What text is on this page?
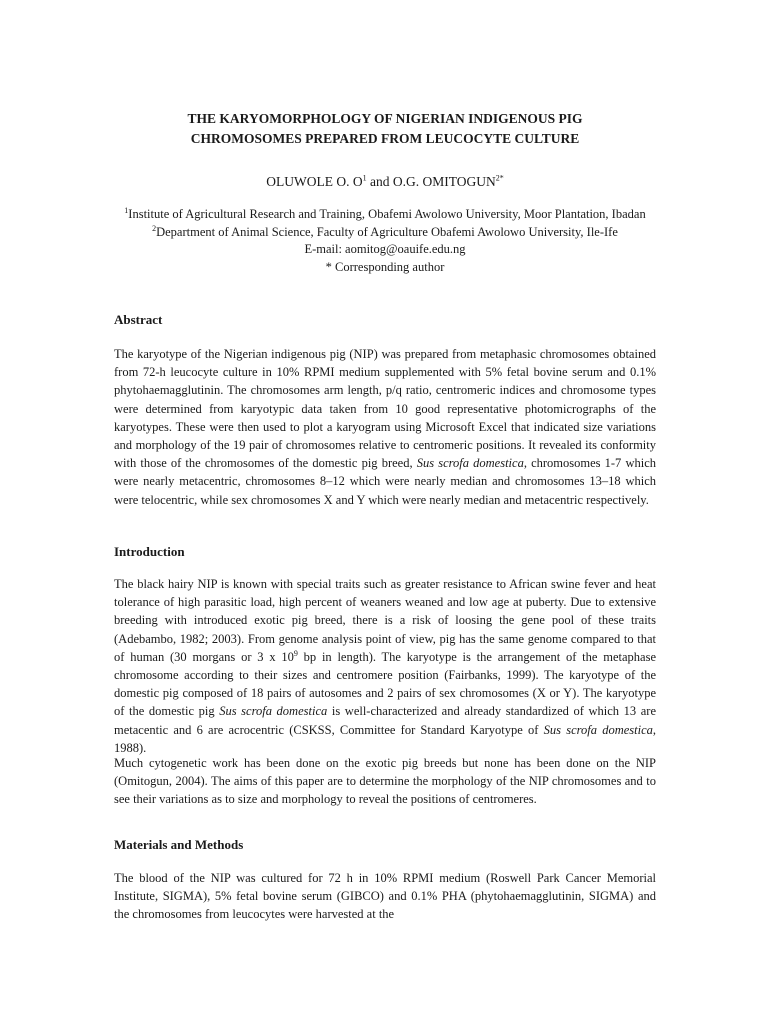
THE KARYOMORPHOLOGY OF NIGERIAN INDIGENOUS PIG
CHROMOSOMES PREPARED FROM LEUCOCYTE CULTURE
OLUWOLE O. $O^1$ and O.G. $OMITOGUN^{2*}$

$^1$Institute of Agricultural Research and Training, Obafemi Awolowo University, Moor Plantation, Ibadan

$^2$Department of Animal Science, Faculty of Agriculture Obafemi Awolowo University, Ile-Ife

E-mail: aomitog@oauife.edu.ng

* Corresponding author

Abstract

The karyotype of the Nigerian indigenous pig (NIP) was prepared from metaphasic chromosomes obtained from 72-h leucocyte culture in 10% RPMI medium supplemented with 5% fetal bovine serum and 0.1% phytohaemagglutinin. The chromosomes arm length, p/q ratio, centromeric indices and chromosome types were determined from karyotypic data taken from 10 good representative photomicrographs of the karyotypes. These were then used to plot a karyogram using Microsoft Excel that indicated size variations and morphology of the 19 pair of chromosomes relative to centromeric positions. It revealed its conformity with those of the chromosomes of the domestic pig breed, Sus scrofa domestica, chromosomes 1-7 which were nearly metacentric, chromosomes 8–12 which were nearly median and chromosomes 13–18 which were telocentric, while sex chromosomes X and Y which were nearly median and metacentric respectively.

Introduction

The black hairy NIP is known with special traits such as greater resistance to African swine fever and heat tolerance of high parasitic load, high percent of weaners weaned and low age at puberty. Due to extensive breeding with introduced exotic pig breed, there is a risk of loosing the gene pool of these traits (Adebambo, 1982; 2003). From genome analysis point of view, pig has the same genome compared to that of human (30 morgans or 3 x $10^9$ bp in length). The karyotype is the arrangement of the metaphase chromosome according to their sizes and centromere position (Fairbanks, 1999). The karyotype of the domestic pig composed of 18 pairs of autosomes and 2 pairs of sex chromosomes (X or Y). The karyotype of the domestic pig Sus scrofa domestica is well-characterized and already standardized of which 13 are metacentic and 6 are acrocentric (CSKSS, Committee for Standard Karyotype of Sus scrofa domestica, 1988).

Much cytogenetic work has been done on the exotic pig breeds but none has been done on the NIP (Omitogun, 2004). The aims of this paper are to determine the morphology of the NIP chromosomes and to see their variations as to size and morphology to reveal the positions of centromeres.

Materials and Methods

The blood of the NIP was cultured for 72 h in 10% RPMI medium (Roswell Park Cancer Memorial Institute, SIGMA), 5% fetal bovine serum (GIBCO) and 0.1% PHA (phytohaemagglutinin, SIGMA) and the chromosomes from leucocytes were harvested at the
